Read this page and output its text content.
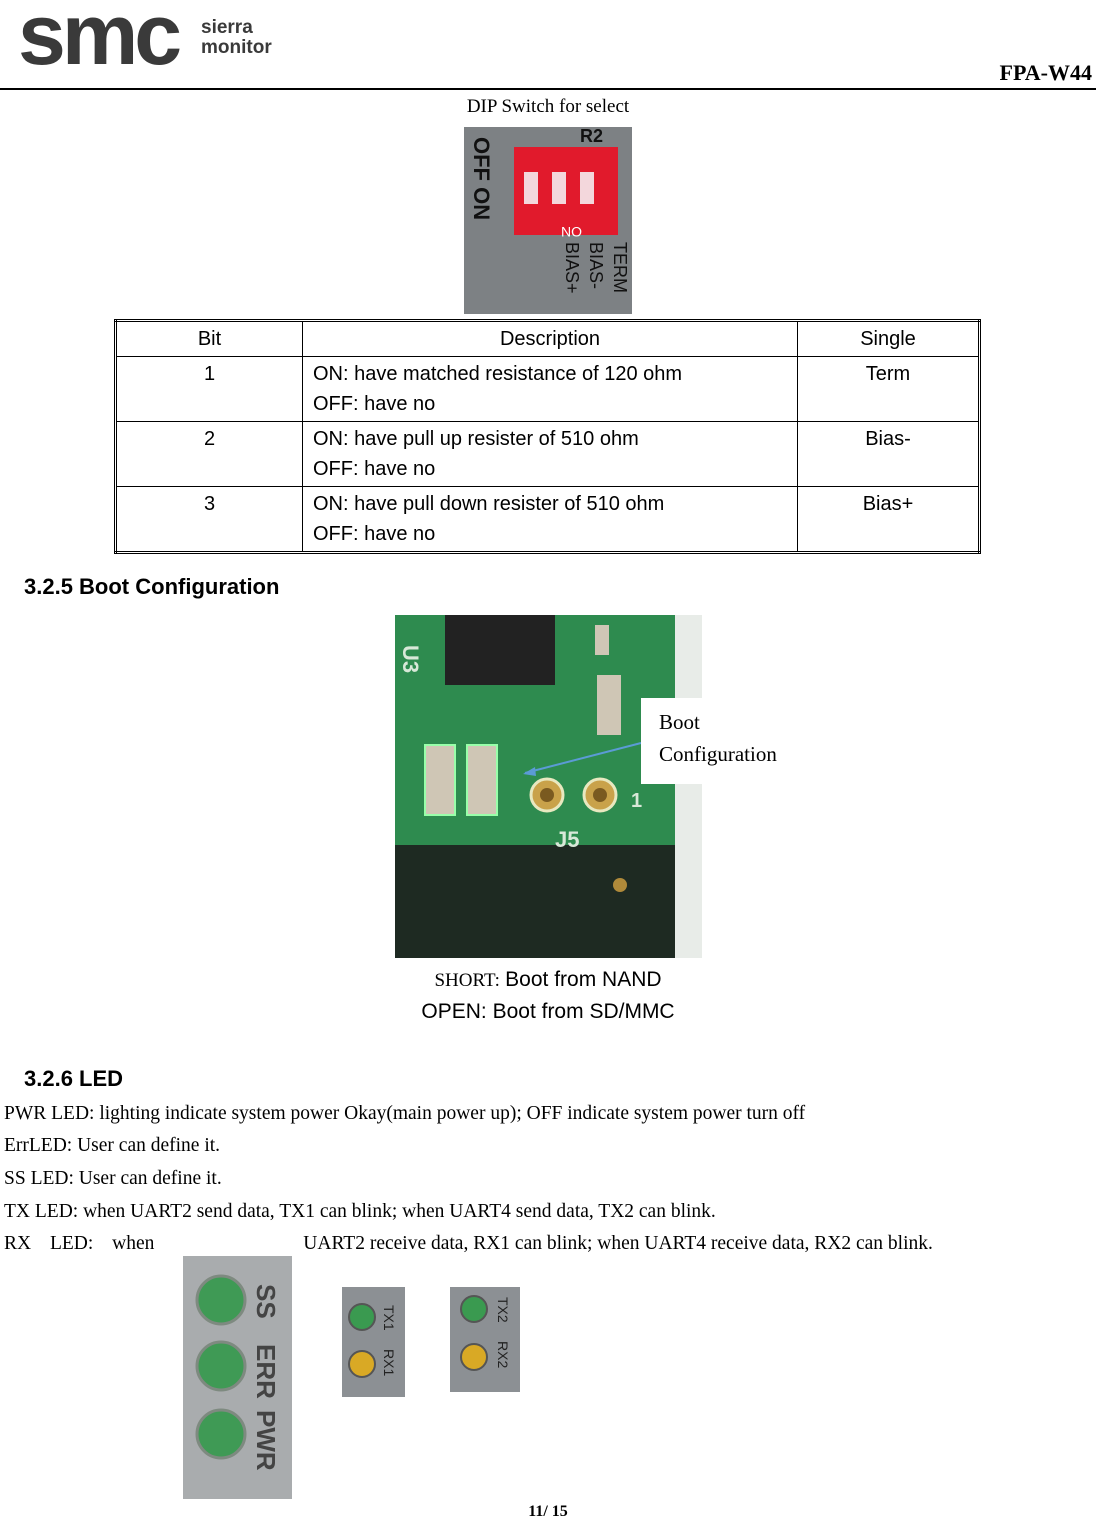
smc sierra
monitor
FPA-W44
DIP Switch for select
R2
OFF ON
TERM
BIAS-
BIAS+
ON
Bit	Description	Single
1	ON: have matched resistance of 120 ohm
OFF: have no	Term
2	ON: have pull up resister of 510 ohm
OFF: have no	Bias-
3	ON: have pull down resister of 510 ohm
OFF: have no	Bias+
3.2.5 Boot Configuration
U3
J5
1
Boot
Configuration
SHORT: Boot from NAND
OPEN: Boot from SD/MMC
3.2.6 LED
PWR LED: lighting indicate system power Okay(main power up); OFF indicate system power turn off
ErrLED: User can define it.
SS LED: User can define it.
TX LED: when UART2 send data, TX1 can blink; when UART4 send data, TX2 can blink.
RX LED: when	UART2 receive data, RX1 can blink; when UART4 receive data, RX2 can blink.
SS
ERR
PWR
TX1
RX1
TX2
RX2
11/ 15
